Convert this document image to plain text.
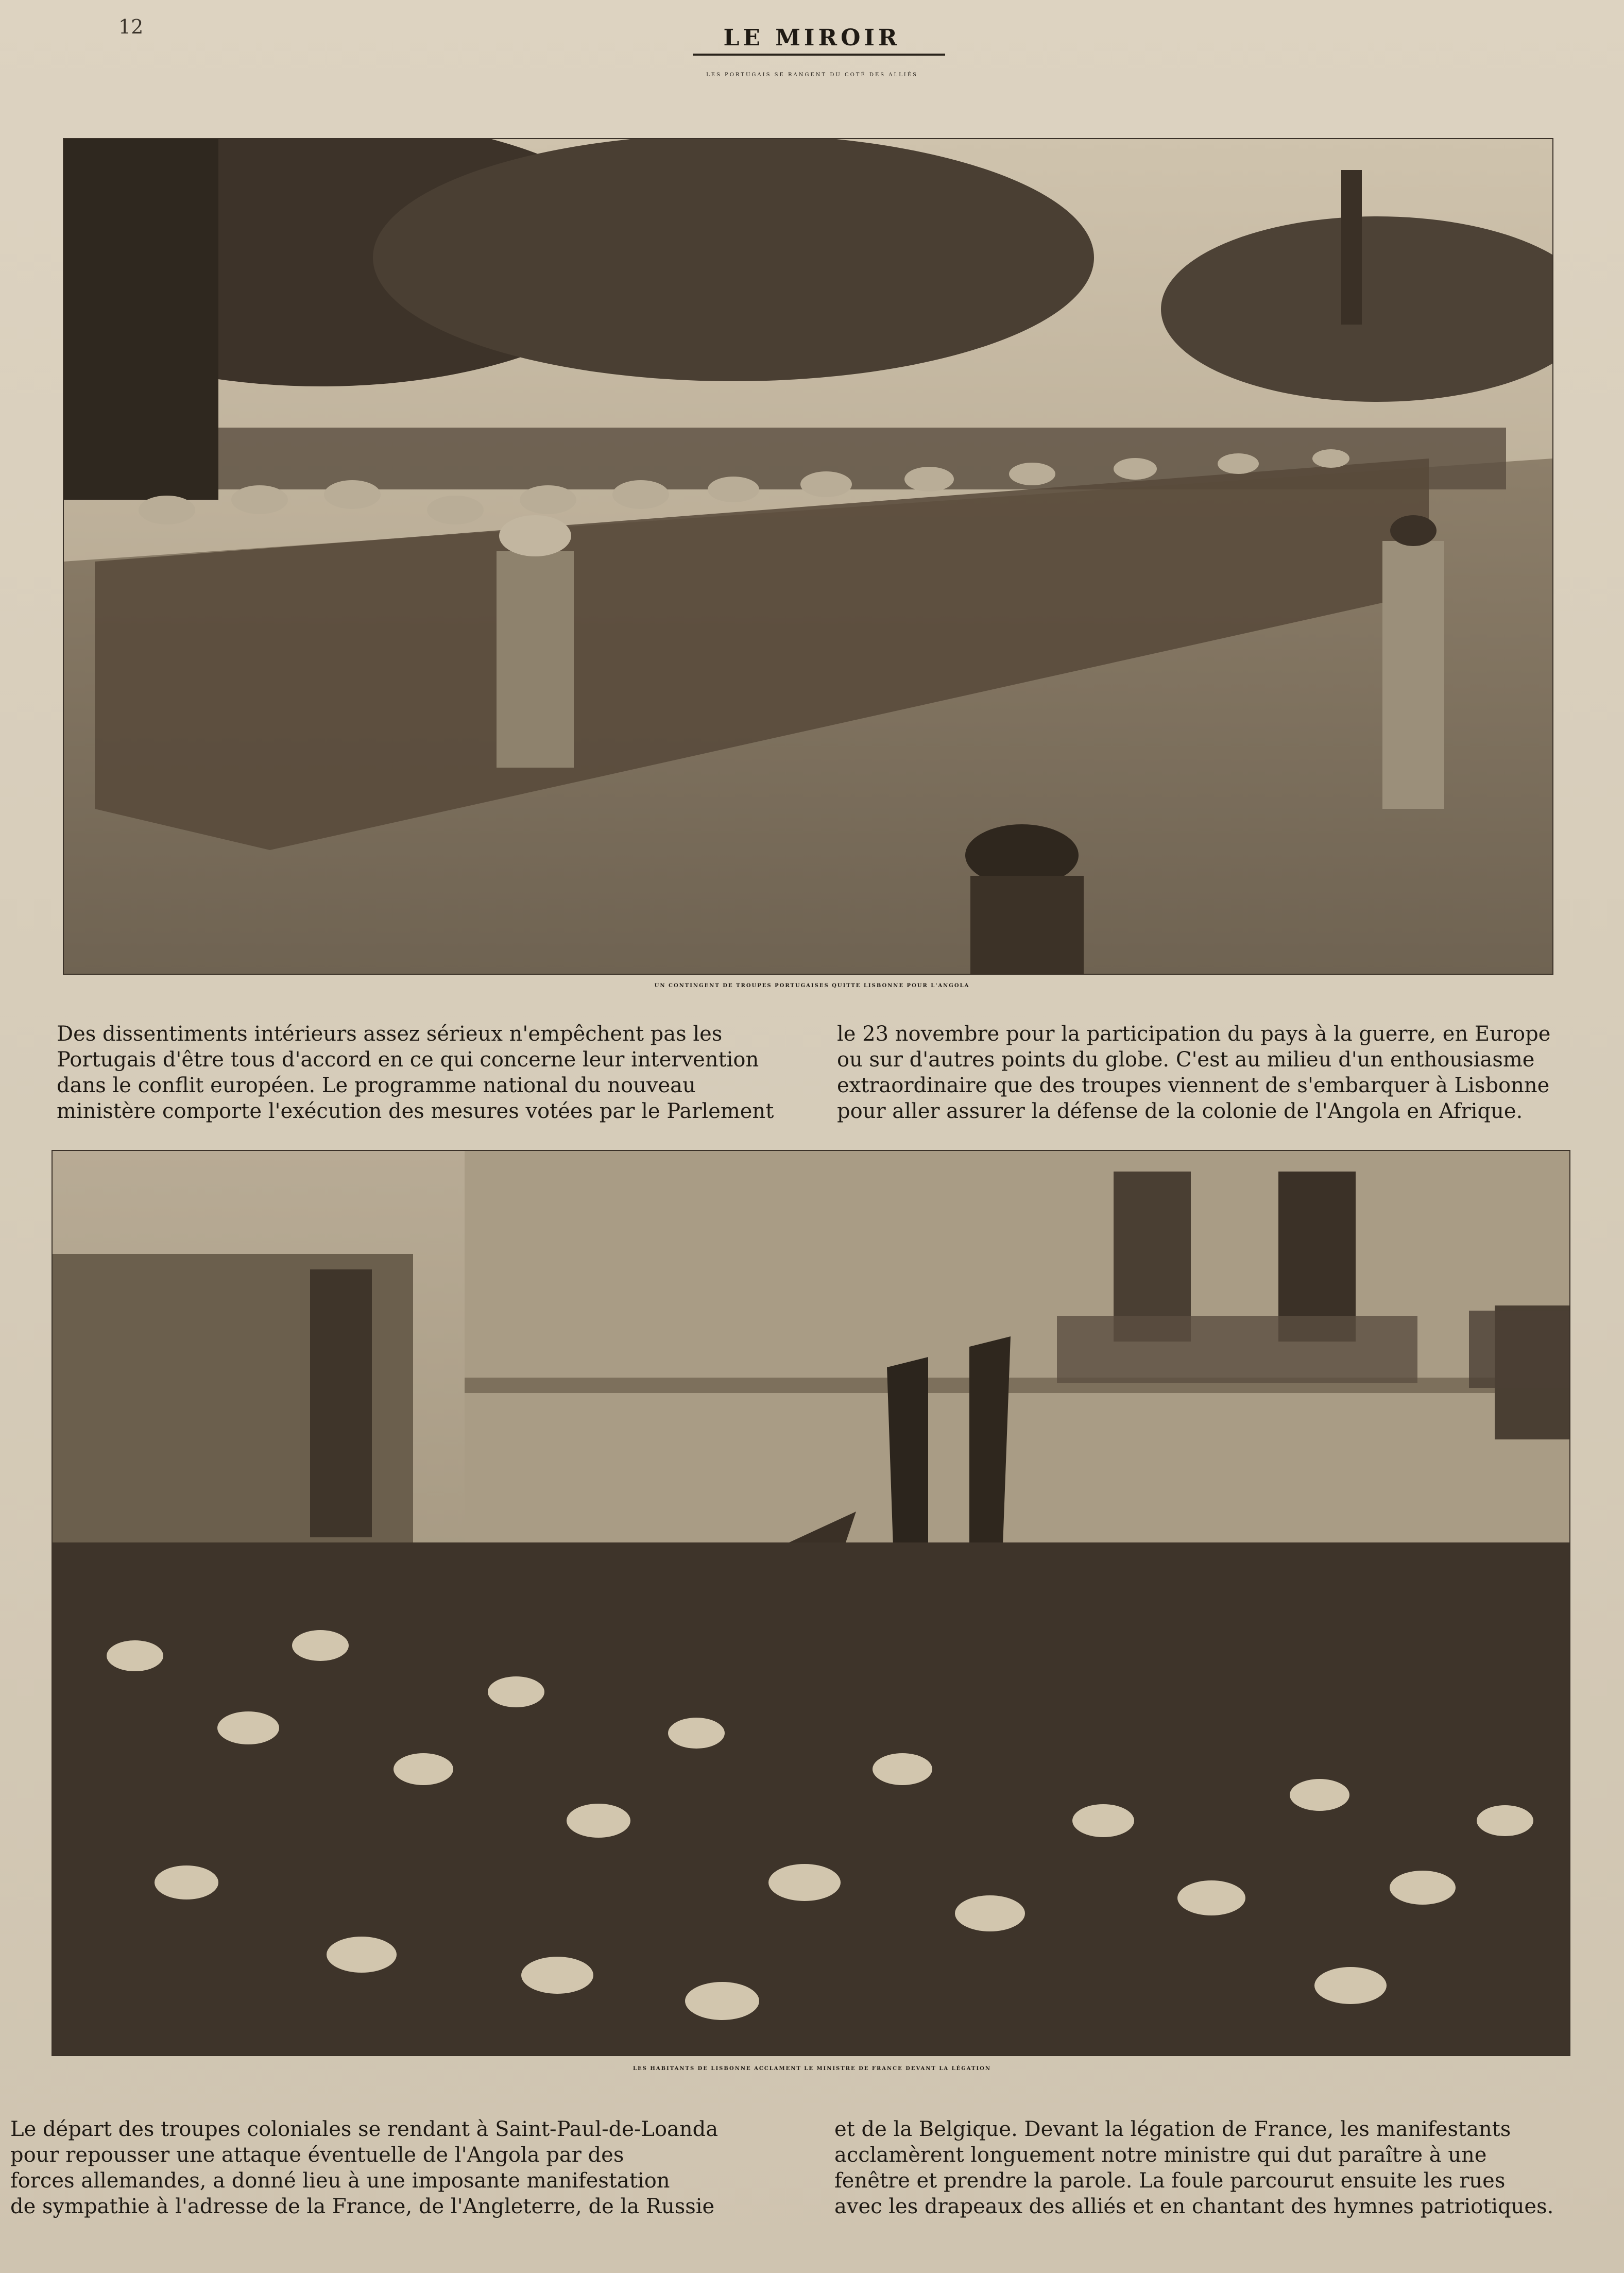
12	LE MIROIR
LES PORTUGAIS SE RANGENT DU COTÉ DES ALLIÉS
UN CONTINGENT DE TROUPES PORTUGAISES QUITTE LISBONNE POUR L'ANGOLA
Des dissentiments intérieurs assez sérieux n'empêchent pas les
Portugais d'être tous d'accord en ce qui concerne leur intervention
dans le conflit européen. Le programme national du nouveau
ministère comporte l'exécution des mesures votées par le Parlement
le 23 novembre pour la participation du pays à la guerre, en Europe
ou sur d'autres points du globe. C'est au milieu d'un enthousiasme
extraordinaire que des troupes viennent de s'embarquer à Lisbonne
pour aller assurer la défense de la colonie de l'Angola en Afrique.
LES HABITANTS DE LISBONNE ACCLAMENT LE MINISTRE DE FRANCE DEVANT LA LÉGATION
Le départ des troupes coloniales se rendant à Saint-Paul-de-Loanda
pour repousser une attaque éventuelle de l'Angola par des
forces allemandes, a donné lieu à une imposante manifestation
de sympathie à l'adresse de la France, de l'Angleterre, de la Russie
et de la Belgique. Devant la légation de France, les manifestants
acclamèrent longuement notre ministre qui dut paraître à une
fenêtre et prendre la parole. La foule parcourut ensuite les rues
avec les drapeaux des alliés et en chantant des hymnes patriotiques.
